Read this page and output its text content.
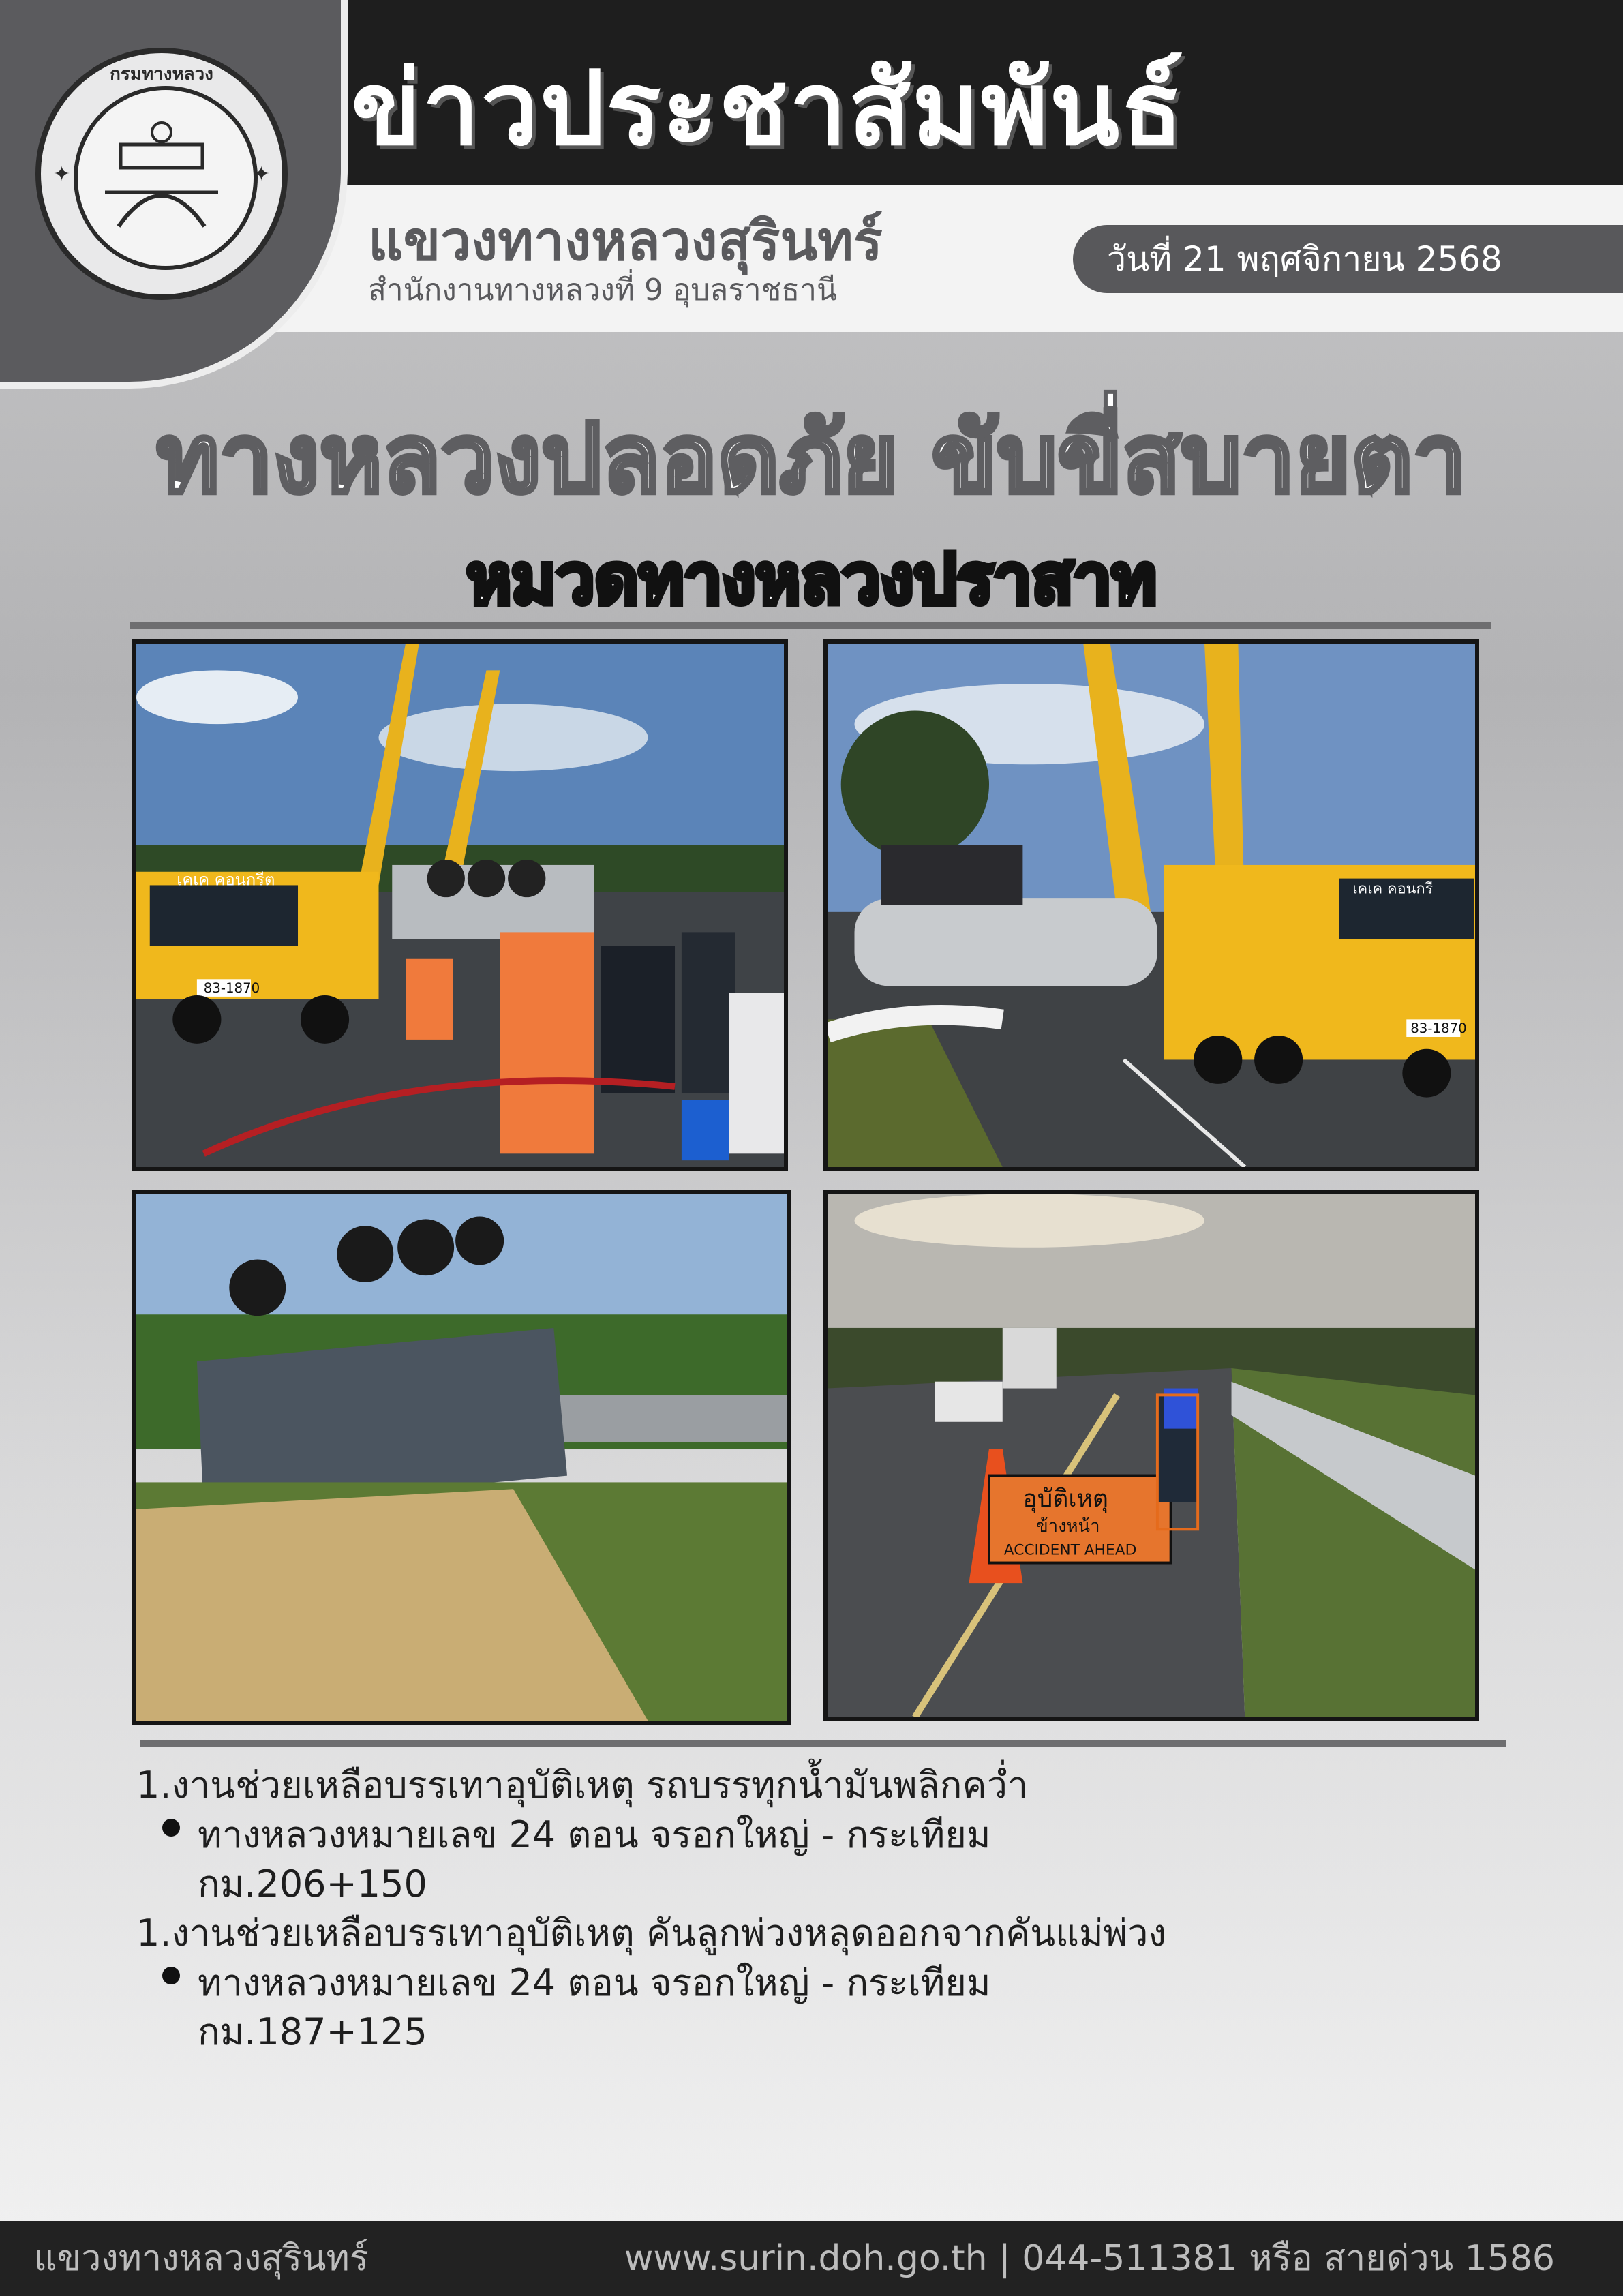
กรมทางหลวง
✦	✦
ข่าวประชาสัมพันธ์
แขวงทางหลวงสุรินทร์
สำนักงานทางหลวงที่ 9 อุบลราชธานี
วันที่ 21 พฤศจิกายน 2568
ทางหลวงปลอดภัย ขับขี่สบายตา
หมวดทางหลวงปราสาท
เคเค คอนกรีต
83-1870
เคเค คอนกรี
83-1870
อุบัติเหตุ
ข้างหน้า
ACCIDENT AHEAD
1.งานช่วยเหลือบรรเทาอุบัติเหตุ รถบรรทุกน้ำมันพลิกคว่ำ
ทางหลวงหมายเลข 24 ตอน จรอกใหญ่ - กระเทียม
กม.206+150
1.งานช่วยเหลือบรรเทาอุบัติเหตุ คันลูกพ่วงหลุดออกจากคันแม่พ่วง
ทางหลวงหมายเลข 24 ตอน จรอกใหญ่ - กระเทียม
กม.187+125
แขวงทางหลวงสุรินทร์	www.surin.doh.go.th | 044-511381 หรือ สายด่วน 1586
